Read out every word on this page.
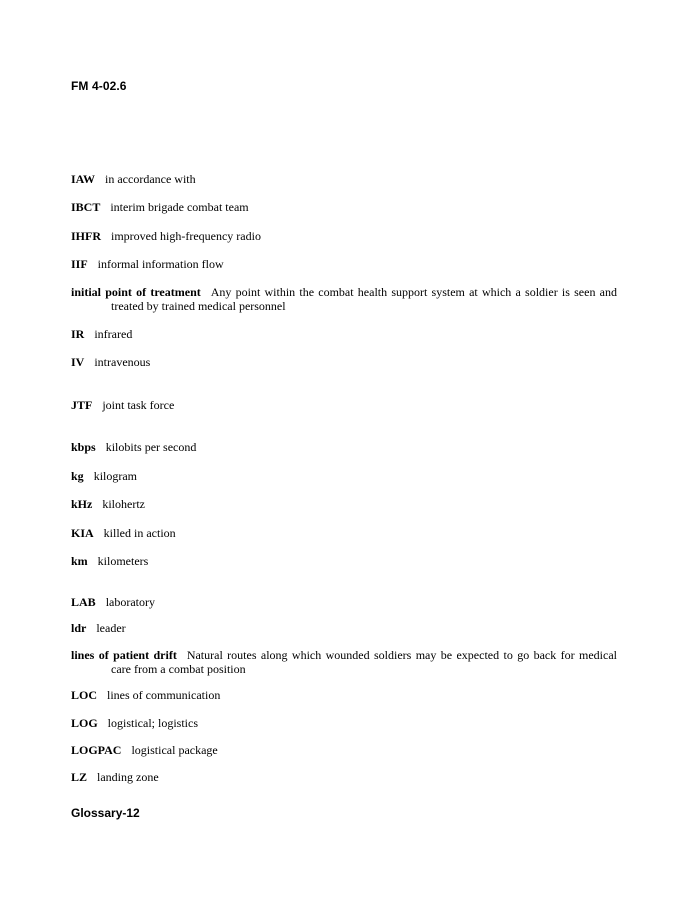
FM 4-02.6
IAW in accordance with
IBCT interim brigade combat team
IHFR improved high-frequency radio
IIF informal information flow
initial point of treatment Any point within the combat health support system at which a soldier is seen and treated by trained medical personnel
IR infrared
IV intravenous
JTF joint task force
kbps kilobits per second
kg kilogram
kHz kilohertz
KIA killed in action
km kilometers
LAB laboratory
ldr leader
lines of patient drift Natural routes along which wounded soldiers may be expected to go back for medical care from a combat position
LOC lines of communication
LOG logistical; logistics
LOGPAC logistical package
LZ landing zone
Glossary-12
